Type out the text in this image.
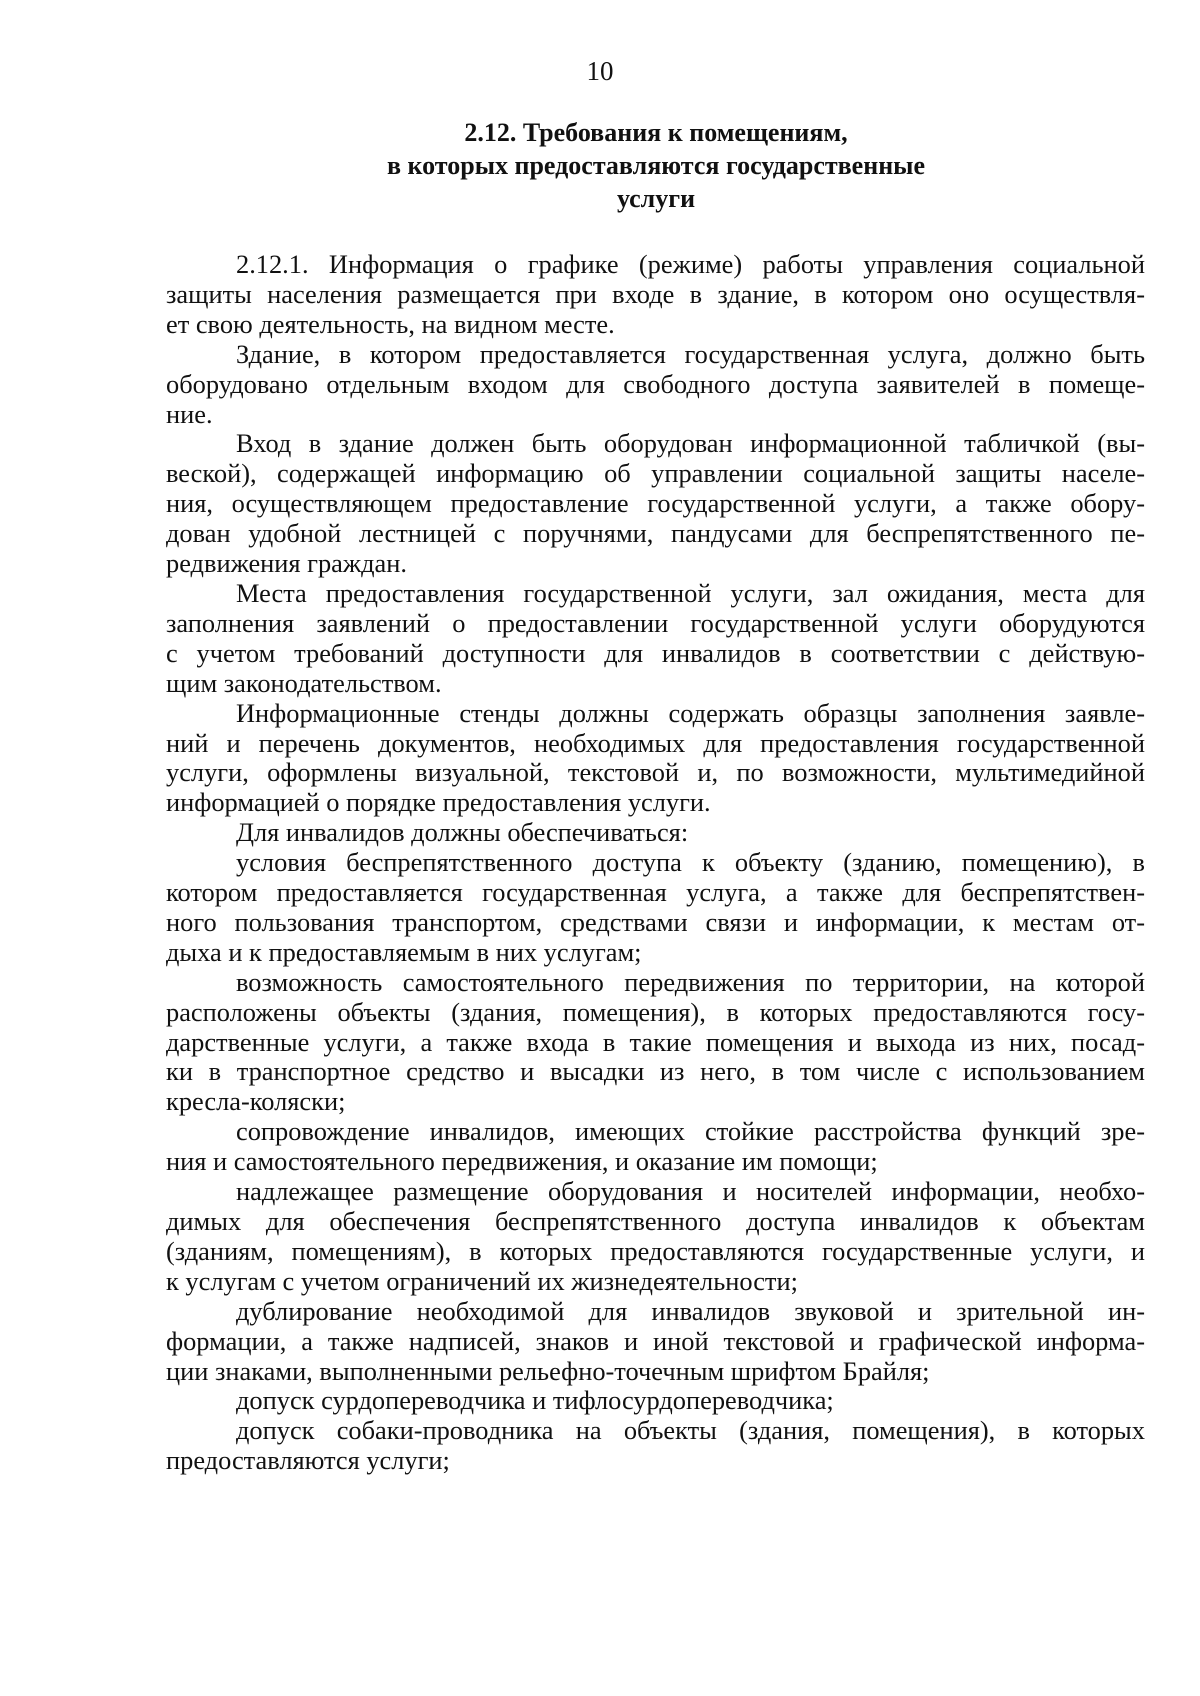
10
2.12. Требования к помещениям,
в которых предоставляются государственные
услуги
2.12.1. Информация о графике (режиме) работы управления социальной
защиты населения размещается при входе в здание, в котором оно осуществля-
ет свою деятельность, на видном месте.
Здание, в котором предоставляется государственная услуга, должно быть
оборудовано отдельным входом для свободного доступа заявителей в помеще-
ние.
Вход в здание должен быть оборудован информационной табличкой (вы-
веской), содержащей информацию об управлении социальной защиты населе-
ния, осуществляющем предоставление государственной услуги, а также обору-
дован удобной лестницей с поручнями, пандусами для беспрепятственного пе-
редвижения граждан.
Места предоставления государственной услуги, зал ожидания, места для
заполнения заявлений о предоставлении государственной услуги оборудуются
с учетом требований доступности для инвалидов в соответствии с действую-
щим законодательством.
Информационные стенды должны содержать образцы заполнения заявле-
ний и перечень документов, необходимых для предоставления государственной
услуги, оформлены визуальной, текстовой и, по возможности, мультимедийной
информацией о порядке предоставления услуги.
Для инвалидов должны обеспечиваться:
условия беспрепятственного доступа к объекту (зданию, помещению), в
котором предоставляется государственная услуга, а также для беспрепятствен-
ного пользования транспортом, средствами связи и информации, к местам от-
дыха и к предоставляемым в них услугам;
возможность самостоятельного передвижения по территории, на которой
расположены объекты (здания, помещения), в которых предоставляются госу-
дарственные услуги, а также входа в такие помещения и выхода из них, посад-
ки в транспортное средство и высадки из него, в том числе с использованием
кресла-коляски;
сопровождение инвалидов, имеющих стойкие расстройства функций зре-
ния и самостоятельного передвижения, и оказание им помощи;
надлежащее размещение оборудования и носителей информации, необхо-
димых для обеспечения беспрепятственного доступа инвалидов к объектам
(зданиям, помещениям), в которых предоставляются государственные услуги, и
к услугам с учетом ограничений их жизнедеятельности;
дублирование необходимой для инвалидов звуковой и зрительной ин-
формации, а также надписей, знаков и иной текстовой и графической информа-
ции знаками, выполненными рельефно-точечным шрифтом Брайля;
допуск сурдопереводчика и тифлосурдопереводчика;
допуск собаки-проводника на объекты (здания, помещения), в которых
предоставляются услуги;
